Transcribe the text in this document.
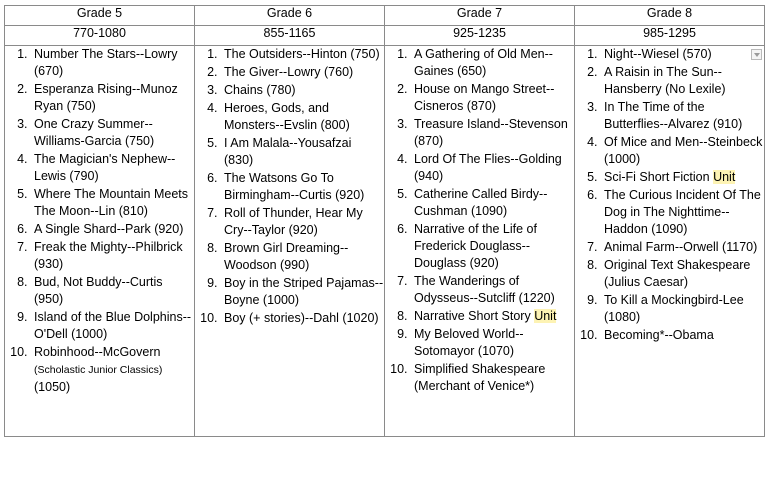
Grade 5	Grade 6	Grade 7	Grade 8
770-1080	855-1165	925-1235	985-1295

1. Number The Stars--Lowry (670)
2. Esperanza Rising--Munoz Ryan (750)
3. One Crazy Summer--Williams-Garcia (750)
4. The Magician's Nephew--Lewis (790)
5. Where The Mountain Meets The Moon--Lin (810)
6. A Single Shard--Park (920)
7. Freak the Mighty--Philbrick (930)
8. Bud, Not Buddy--Curtis (950)
9. Island of the Blue Dolphins--O'Dell (1000)
10. Robinhood--McGovern (Scholastic Junior Classics) (1050)

1. The Outsiders--Hinton (750)
2. The Giver--Lowry (760)
3. Chains (780)
4. Heroes, Gods, and Monsters--Evslin (800)
5. I Am Malala--Yousafzai (830)
6. The Watsons Go To Birmingham--Curtis (920)
7. Roll of Thunder, Hear My Cry--Taylor (920)
8. Brown Girl Dreaming--Woodson (990)
9. Boy in the Striped Pajamas--Boyne (1000)
10. Boy (+ stories)--Dahl (1020)

1. A Gathering of Old Men--Gaines (650)
2. House on Mango Street--Cisneros (870)
3. Treasure Island--Stevenson (870)
4. Lord Of The Flies--Golding (940)
5. Catherine Called Birdy--Cushman (1090)
6. Narrative of the Life of Frederick Douglass--Douglass (920)
7. The Wanderings of Odysseus--Sutcliff (1220)
8. Narrative Short Story Unit
9. My Beloved World--Sotomayor (1070)
10. Simplified Shakespeare (Merchant of Venice*)

1. Night--Wiesel (570)
2. A Raisin in The Sun--Hansberry (No Lexile)
3. In The Time of the Butterflies--Alvarez (910)
4. Of Mice and Men--Steinbeck (1000)
5. Sci-Fi Short Fiction Unit
6. The Curious Incident Of The Dog in The Nighttime--Haddon (1090)
7. Animal Farm--Orwell (1170)
8. Original Text Shakespeare (Julius Caesar)
9. To Kill a Mockingbird-Lee (1080)
10. Becoming*--Obama
